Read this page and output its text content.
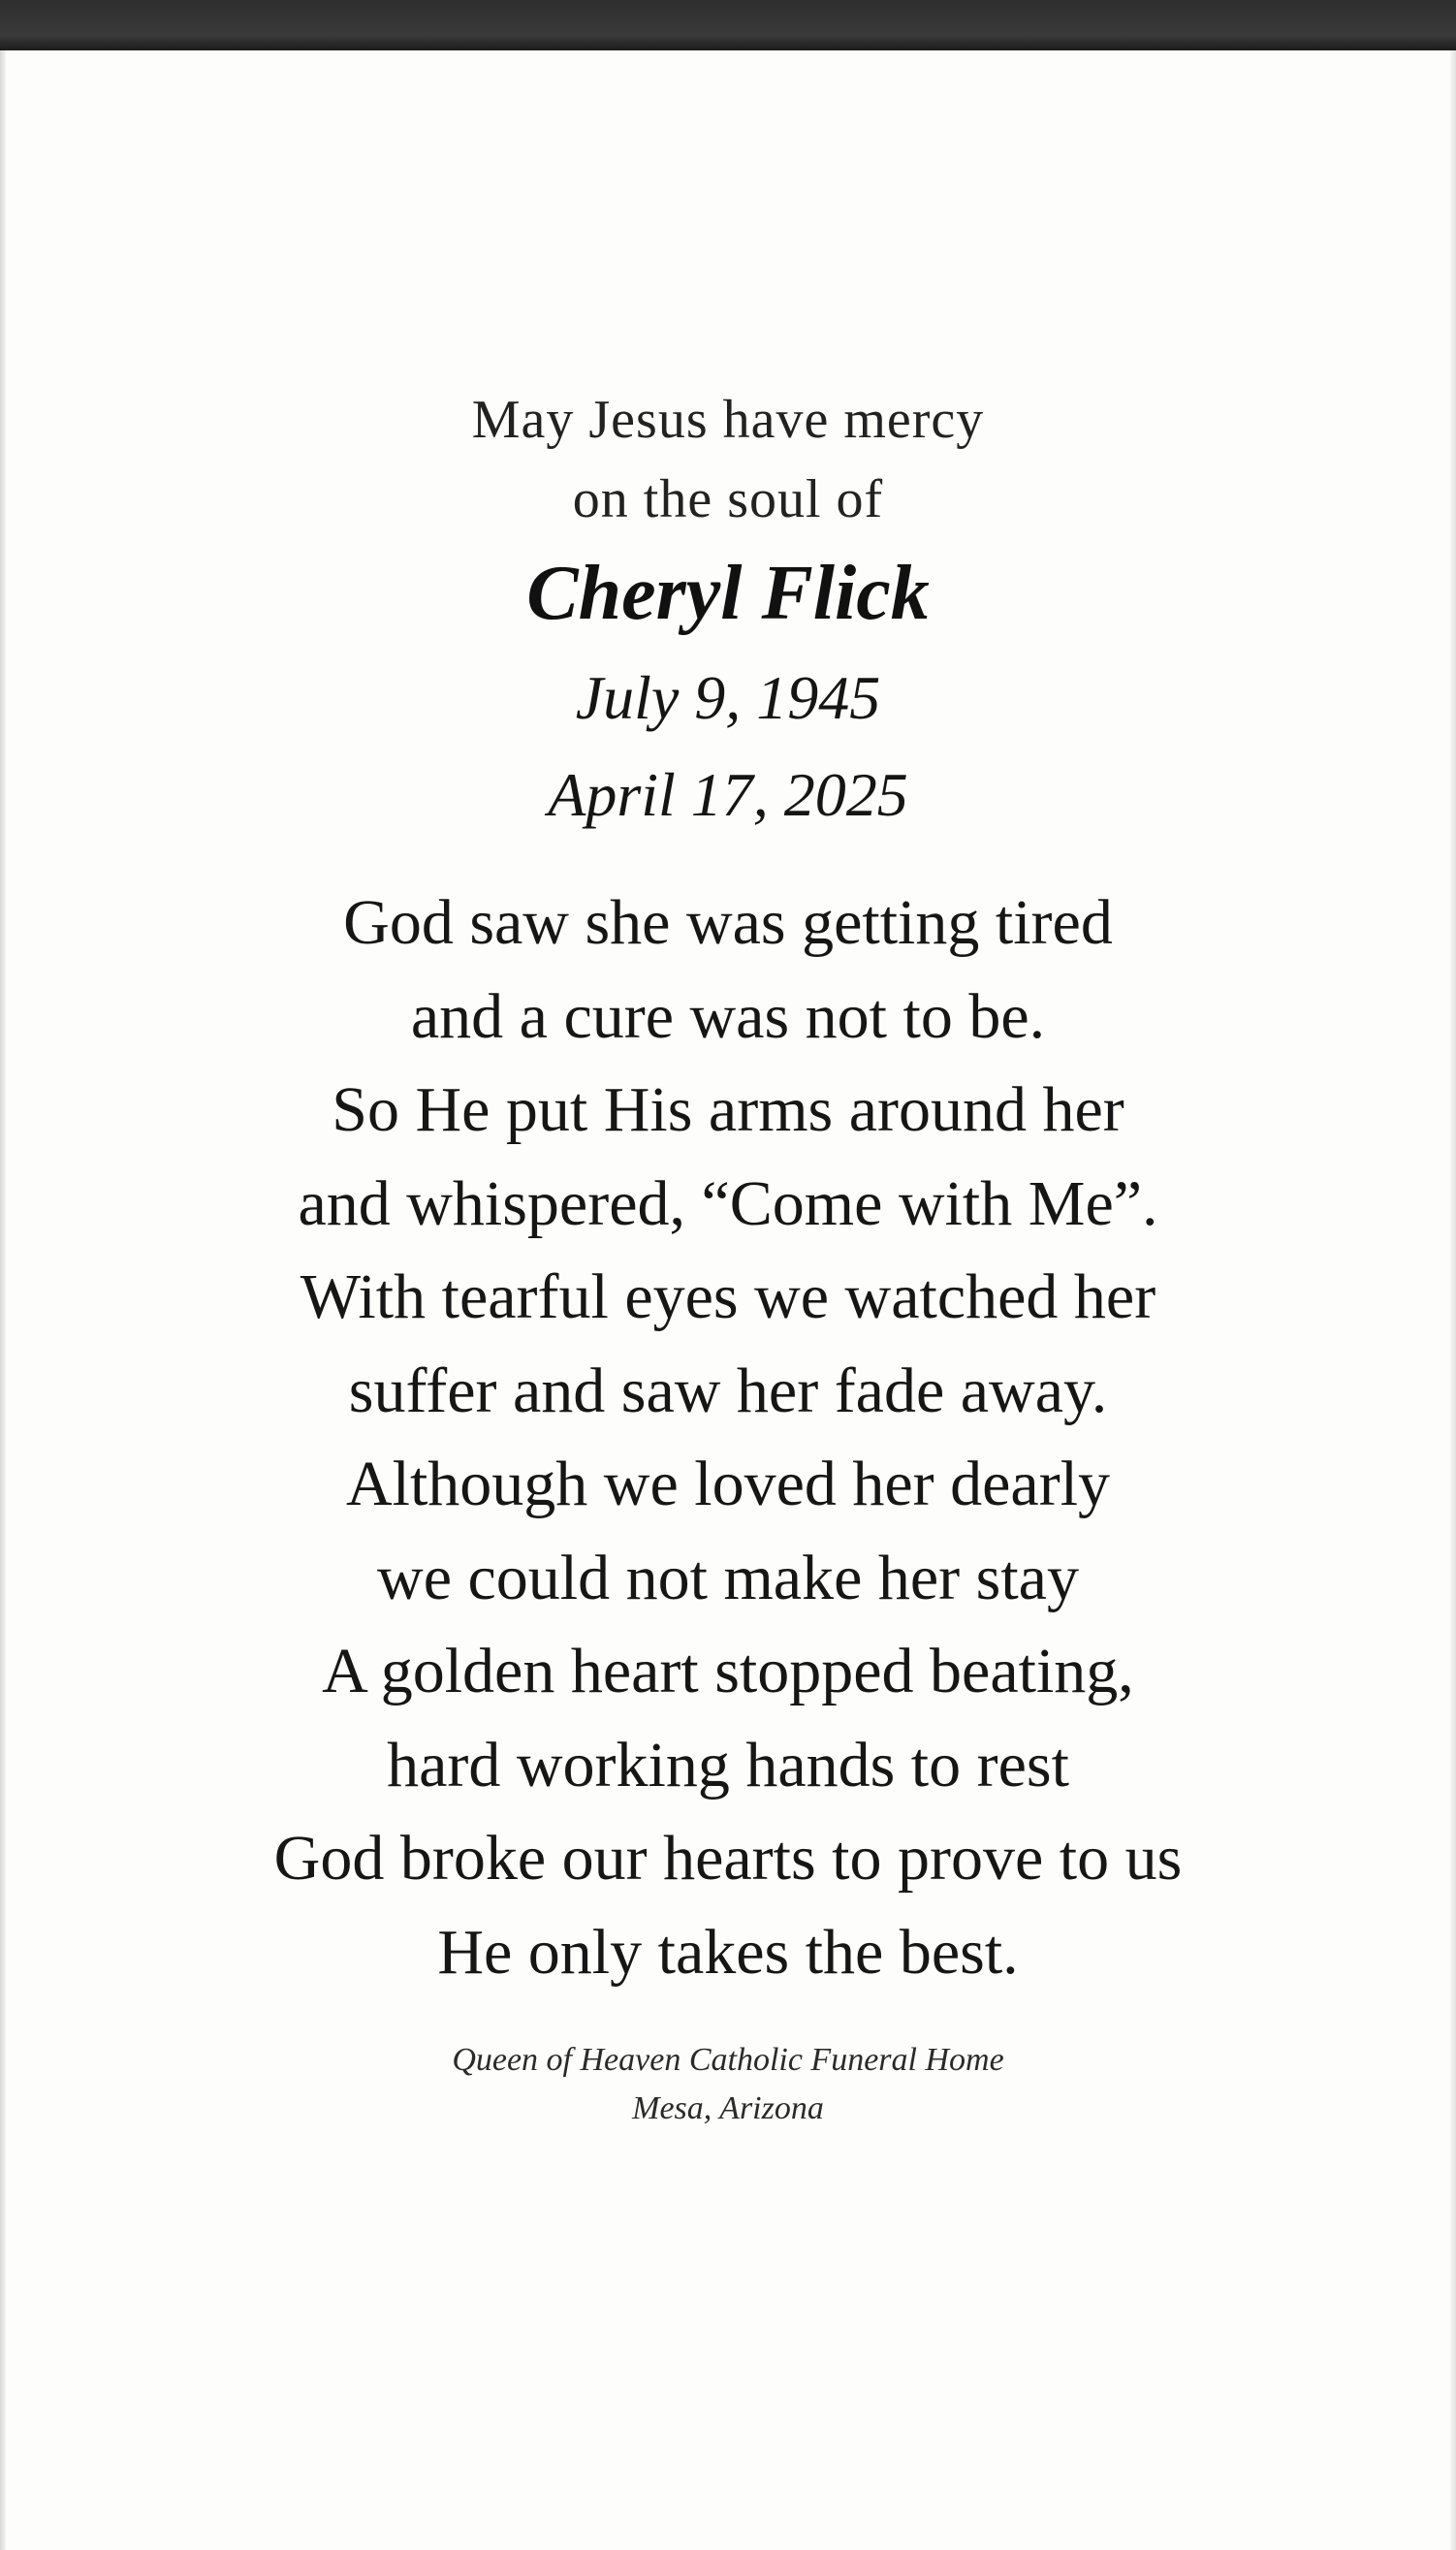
May Jesus have mercy
on the soul of
Cheryl Flick
July 9, 1945
April 17, 2025
God saw she was getting tired
and a cure was not to be.
So He put His arms around her
and whispered, “Come with Me”.
With tearful eyes we watched her
suffer and saw her fade away.
Although we loved her dearly
we could not make her stay
A golden heart stopped beating,
hard working hands to rest
God broke our hearts to prove to us
He only takes the best.
Queen of Heaven Catholic Funeral Home
Mesa, Arizona
